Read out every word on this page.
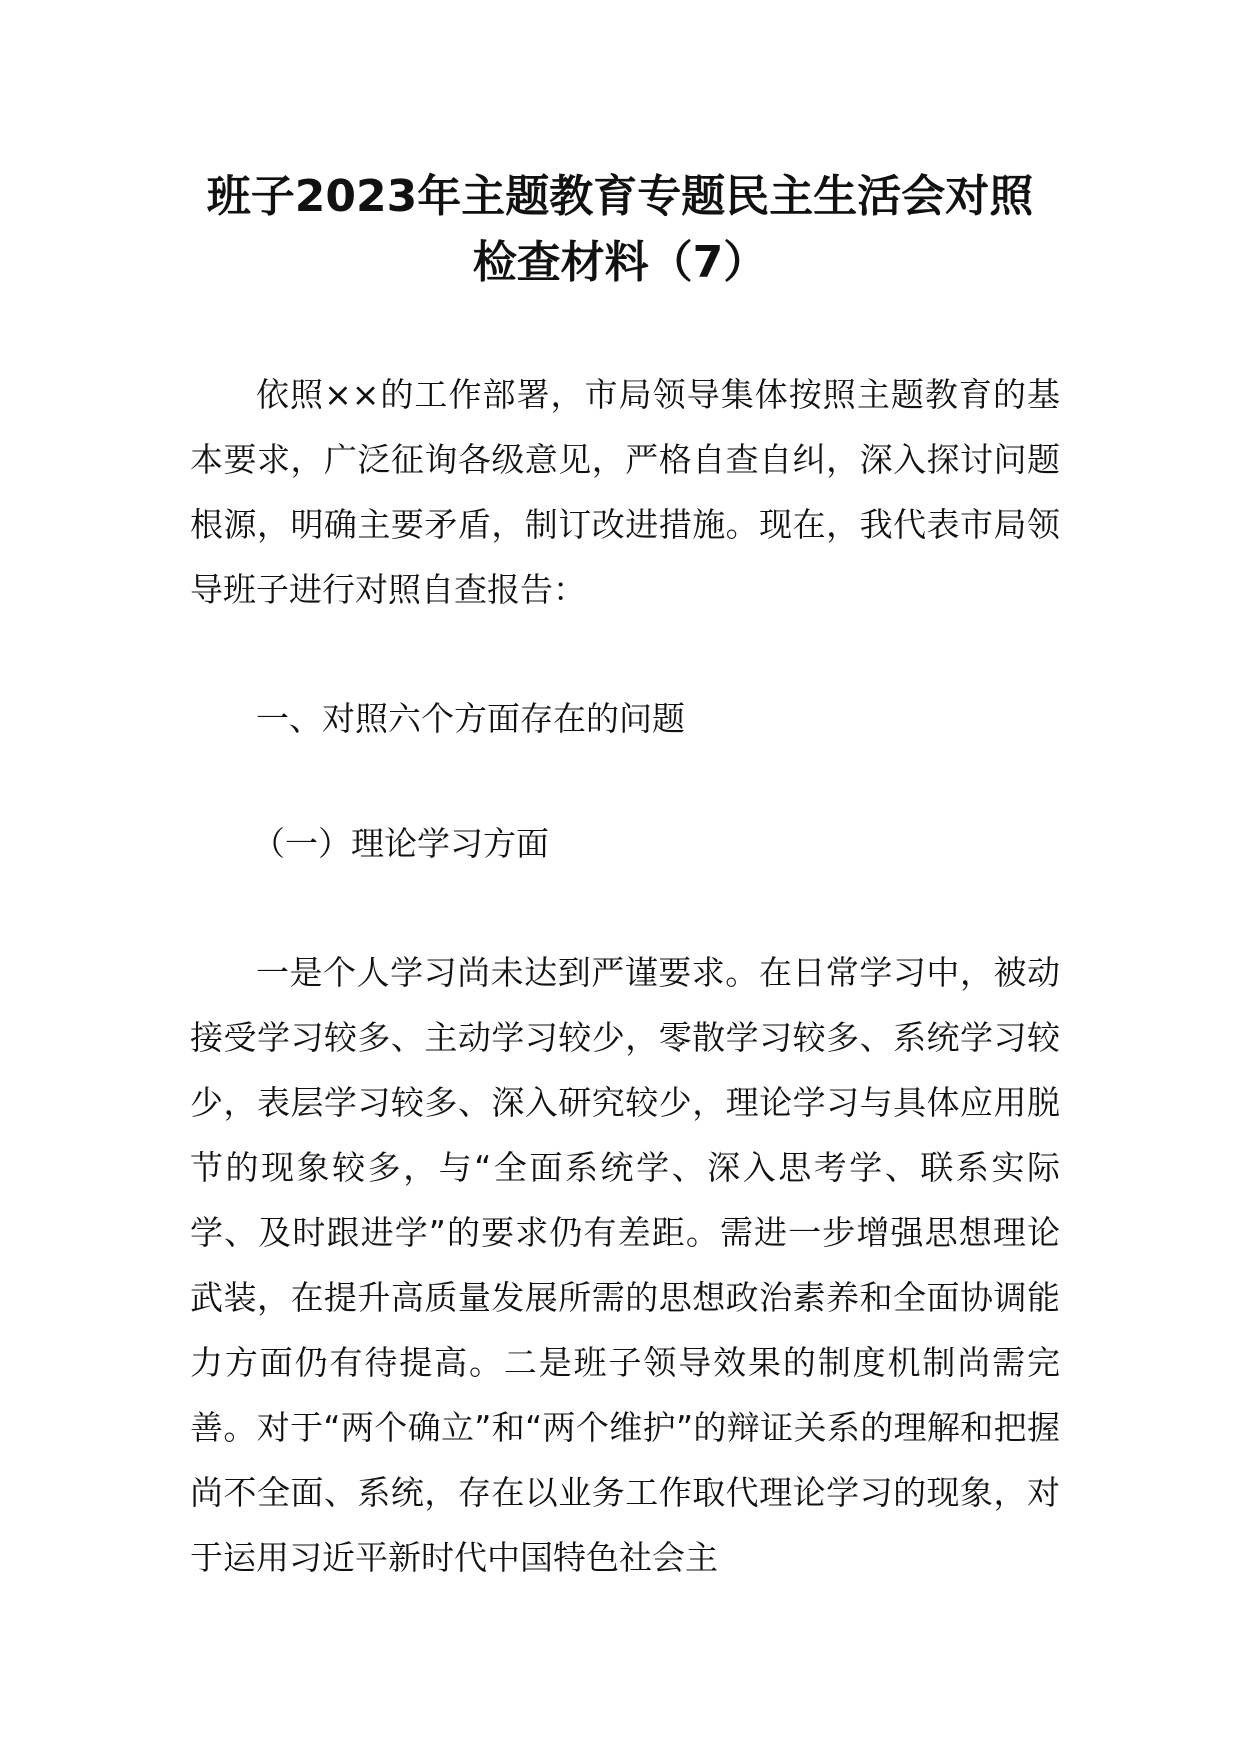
班子2023年主题教育专题民主生活会对照
检查材料（7）

依照××的工作部署，市局领导集体按照主题教育的基本要求，广泛征询各级意见，严格自查自纠，深入探讨问题根源，明确主要矛盾，制订改进措施。现在，我代表市局领导班子进行对照自查报告：

一、对照六个方面存在的问题

（一）理论学习方面

一是个人学习尚未达到严谨要求。在日常学习中，被动接受学习较多、主动学习较少，零散学习较多、系统学习较少，表层学习较多、深入研究较少，理论学习与具体应用脱节的现象较多，与“全面系统学、深入思考学、联系实际学、及时跟进学”的要求仍有差距。需进一步增强思想理论武装，在提升高质量发展所需的思想政治素养和全面协调能力方面仍有待提高。二是班子领导效果的制度机制尚需完善。对于“两个确立”和“两个维护”的辩证关系的理解和把握尚不全面、系统，存在以业务工作取代理论学习的现象，对于运用习近平新时代中国特色社会主
